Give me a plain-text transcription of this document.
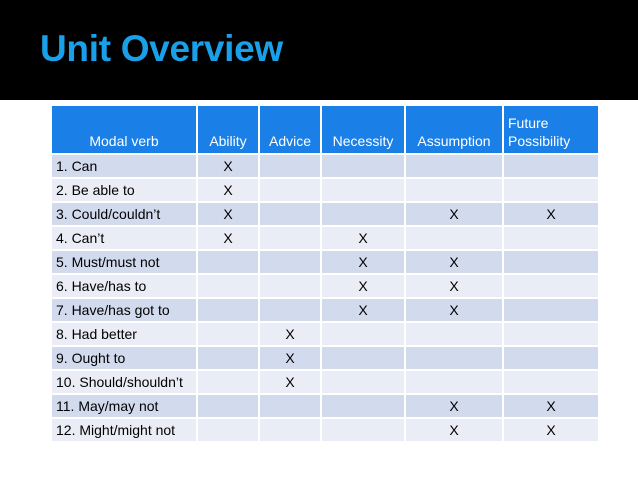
Unit Overview
Modal verb	Ability	Advice	Necessity	Assumption	Future Possibility
1. Can	X				
2. Be able to	X				
3. Could/couldn’t	X			X	X
4. Can’t	X		X		
5. Must/must not			X	X	
6. Have/has to			X	X	
7. Have/has got to			X	X	
8. Had better		X			
9. Ought to		X			
10. Should/shouldn’t		X			
11. May/may not				X	X
12. Might/might not				X	X
